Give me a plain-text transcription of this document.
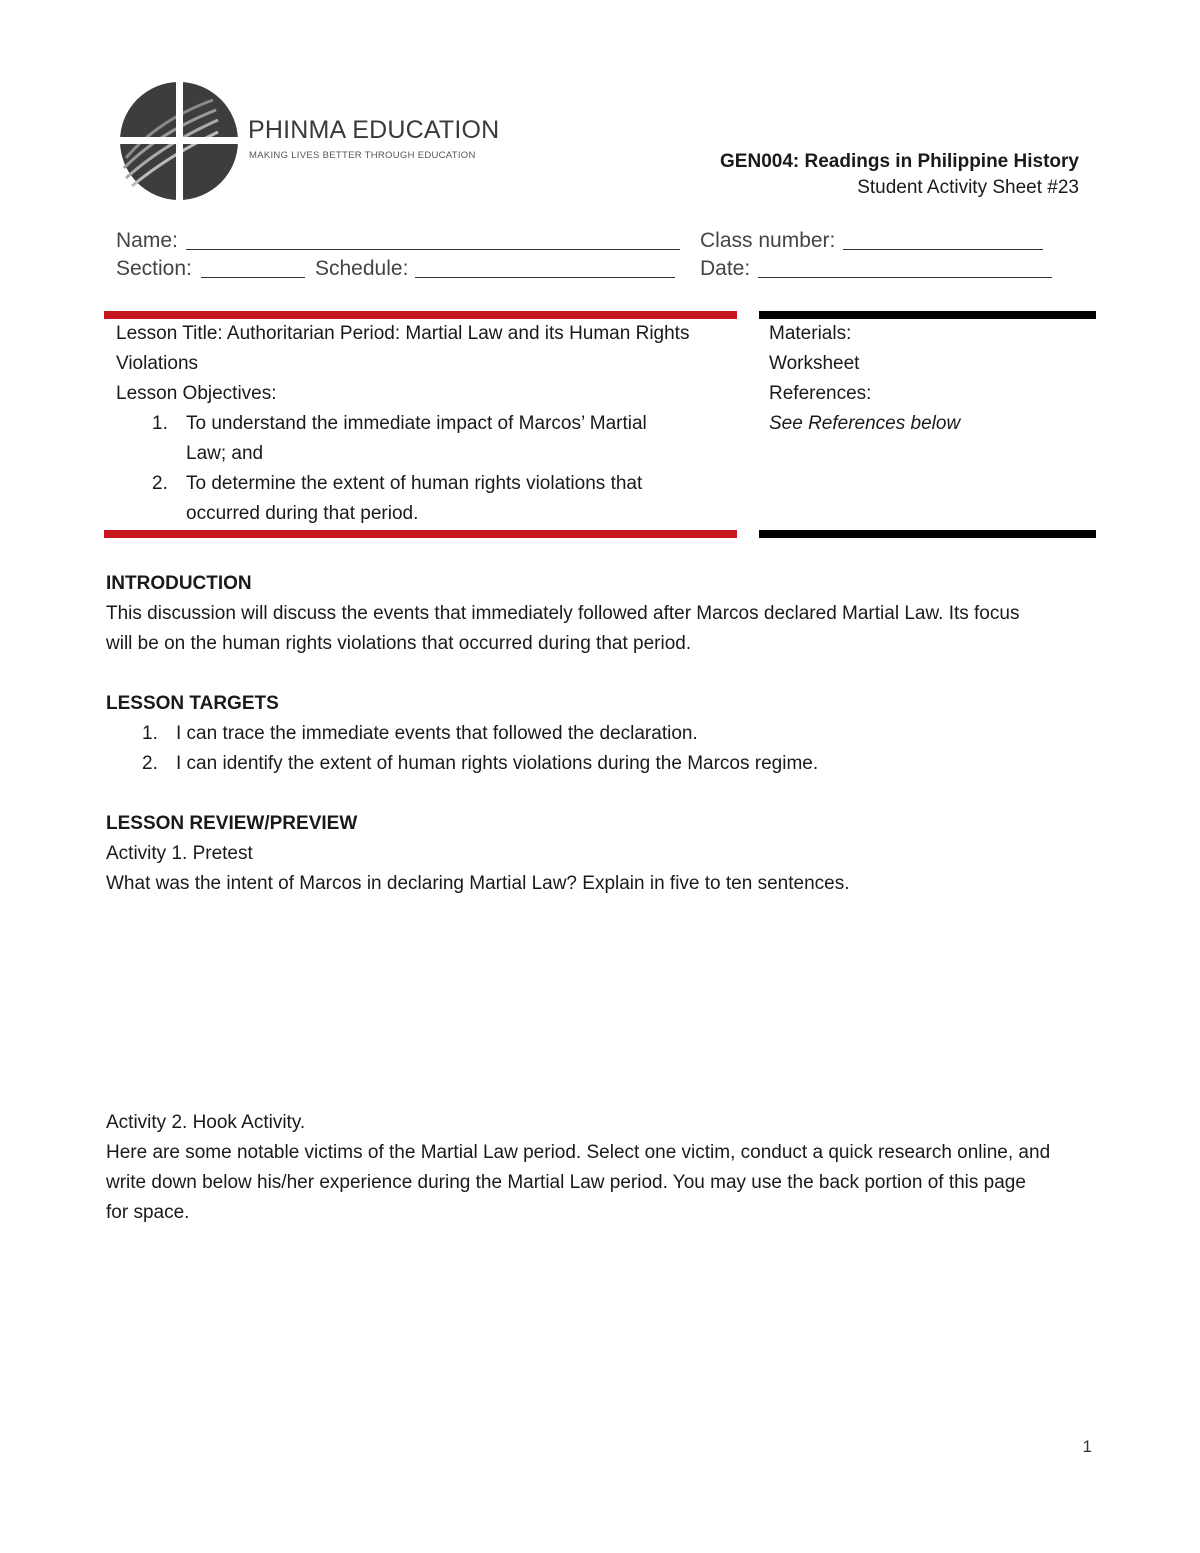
PHINMA EDUCATION
MAKING LIVES BETTER THROUGH EDUCATION	GEN004: Readings in Philippine History
Student Activity Sheet #23
Name:	Class number:
Section:	Schedule:	Date:
Lesson Title: Authoritarian Period: Martial Law and its Human Rights
Violations
Lesson Objectives:
1. To understand the immediate impact of Marcos’ Martial
Law; and
2. To determine the extent of human rights violations that
occurred during that period.
Materials:
Worksheet
References:
See References below
INTRODUCTION
This discussion will discuss the events that immediately followed after Marcos declared Martial Law. Its focus
will be on the human rights violations that occurred during that period.
LESSON TARGETS
1. I can trace the immediate events that followed the declaration.
2. I can identify the extent of human rights violations during the Marcos regime.
LESSON REVIEW/PREVIEW
Activity 1. Pretest
What was the intent of Marcos in declaring Martial Law? Explain in five to ten sentences.
Activity 2. Hook Activity.
Here are some notable victims of the Martial Law period. Select one victim, conduct a quick research online, and
write down below his/her experience during the Martial Law period. You may use the back portion of this page
for space.
1
